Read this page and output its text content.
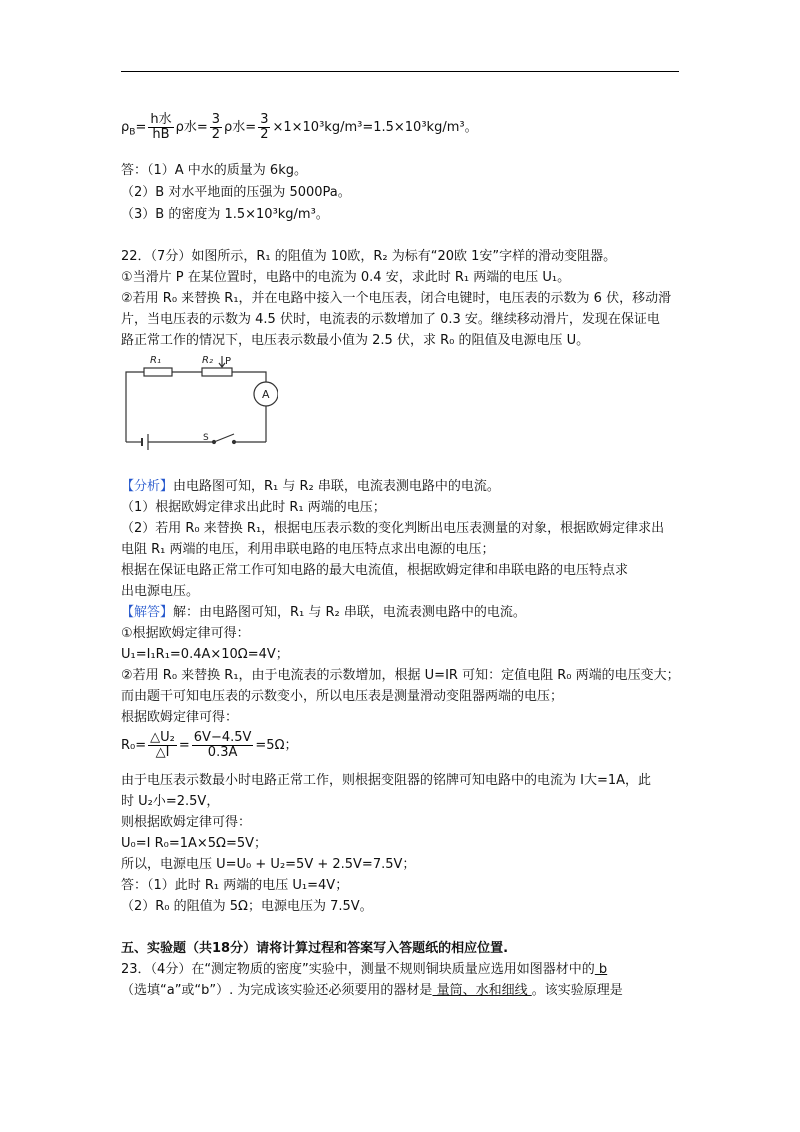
$\rho_B= \frac{\text{h水}}{hB}$ ρ水= $\frac{3}{2}$ ρ水= $\frac{3}{2} \times 1\times 10^3kg/m^3=1.5\times 10^3kg/m^3$。
答：（1）A 中水的质量为 6kg。
（2）B 对水平地面的压强为 5000Pa。
（3）B 的密度为 1.5×10³kg/m³。
22．（7分）如图所示，R₁ 的阻值为 10欧，R₂ 为标有“20欧 1安”字样的滑动变阻器。
①当滑片 P 在某位置时，电路中的电流为 0.4 安，求此时 R₁ 两端的电压 U₁。
②若用 R₀ 来替换 R₁，并在电路中接入一个电压表，闭合电键时，电压表的示数为 6 伏，移动滑
片，当电压表的示数为 4.5 伏时，电流表的示数增加了 0.3 安。继续移动滑片，发现在保证电
路正常工作的情况下，电压表示数最小值为 2.5 伏，求 R₀ 的阻值及电源电压 U。
R₁	R₂ P
A
S
【分析】由电路图可知，R₁ 与 R₂ 串联，电流表测电路中的电流。
（1）根据欧姆定律求出此时 R₁ 两端的电压；
（2）若用 R₀ 来替换 R₁，根据电压表示数的变化判断出电压表测量的对象，根据欧姆定律求出
电阻 R₁ 两端的电压，利用串联电路的电压特点求出电源的电压；
根据在保证电路正常工作可知电路的最大电流值，根据欧姆定律和串联电路的电压特点求
出电源电压。
【解答】解：由电路图可知，R₁ 与 R₂ 串联，电流表测电路中的电流。
①根据欧姆定律可得：
U₁=I₁R₁=0.4A×10Ω=4V；
②若用 R₀ 来替换 R₁，由于电流表的示数增加，根据 U=IR 可知：定值电阻 R₀ 两端的电压变大；
而由题干可知电压表的示数变小，所以电压表是测量滑动变阻器两端的电压；
根据欧姆定律可得：
$R_0= \frac{\text{△U₂}}{\triangle I} = \frac{6V-4.5V}{0.3A} =5\Omega$；
由于电压表示数最小时电路正常工作，则根据变阻器的铭牌可知电路中的电流为 I大=1A，此
时 U₂小=2.5V，
则根据欧姆定律可得：
U₀=I R₀=1A×5Ω=5V；
所以，电源电压 U=U₀ + U₂=5V + 2.5V=7.5V；
答：（1）此时 R₁ 两端的电压 U₁=4V；
（2）R₀ 的阻值为 5Ω；电源电压为 7.5V。
五、实验题（共18分）请将计算过程和答案写入答题纸的相应位置.
23．（4分）在“测定物质的密度”实验中，测量不规则铜块质量应选用如图器材中的 b
（选填“a”或“b”）. 为完成该实验还必须要用的器材是 量筒、水和细线 。该实验原理是
